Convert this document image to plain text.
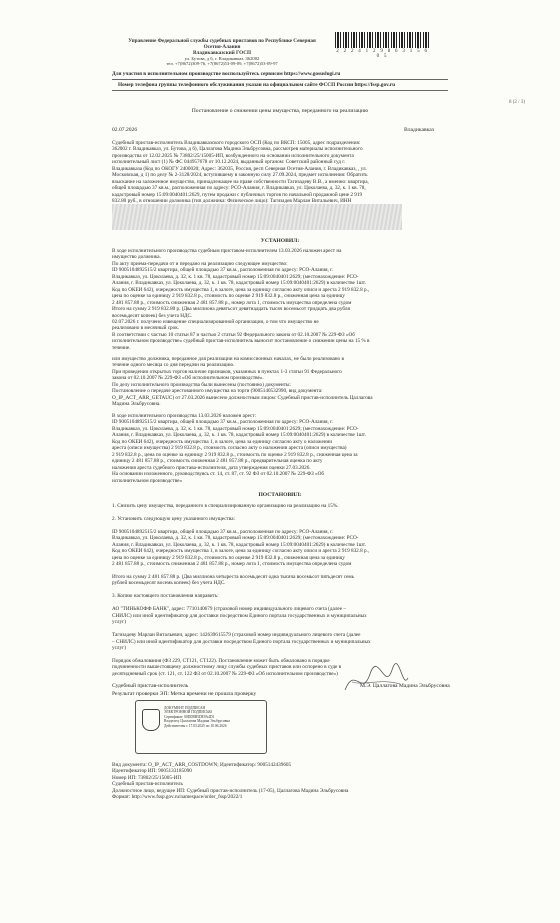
Управление Федеральной службы судебных приставов по Республике Северная
Осетия-Алания
Владикавказский ГОСП
ул. Бутова, д 6, г. Владикавказ, 362002
тел. +7(8672)309-76, +7(8672)53-09-09, +7(8672)53-09-97
2 2 2 4 1 2 9 8 6 3 1 5 6 0 5
Для участия в исполнительном производстве воспользуйтесь сервисом https://www.gosuslugi.ru
Номер телефона группы телефонного обслуживания указан на официальном сайте ФССП России https://fssp.gov.ru
8 (2 / 3)
Постановление о снижении цены имущества, переданного на реализацию
02.07.2026	Владикавказ
Судебный пристав-исполнитель Владикавказского городского ОСП (Код по ВКСП: 15005, адрес подразделения:
362002 г. Владикавказ, ул. Бутова, д 6), Цаллагова Мадина Эльбрусовна, рассмотрев материалы исполнительного
производства от 12.02.2025 № 73802/25/15005-ИП, возбужденного на основании исполнительного документа
исполнительный лист (1) № ФС 044957678 от 10.12.2024, выданный органом: Советский районный суд г.
Владикавказа (Код по ОКОГУ 2400020; Адрес: 362035, Россия, респ Северная Осетия-Алания, г. Владикавказ, , ул.
Московская, д 1) по делу № 2-3128/2024, вступившему в законную силу 27.09.2024, предмет исполнения: Обратить
взыскание на заложенное имущество, принадлежащее на праве собственности Тагизадеву В.В., а именно: квартира,
общей площадью 37 кв.м., расположенная по адресу: РСО-Алания, г. Владикавказ, ул. Цоколаева, д. 32, к. 1 кв. 78,
кадастровый номер 15:09:0040401:2629, путем продажи с публичных торгов по начальной продажной цене 2 919
832.80 руб., в отношении должника (тип должника: Физическое лицо): Тагизадев Марлан Витальевич, ИНН
УСТАНОВИЛ:
В ходе исполнительного производства судебным приставом-исполнителем 13.03.2026 наложен арест на
имущество должника.
По акту приема-передачи от и передано на реализацию следующее имущество:
ID 9005104892515/2 квартира, общей площадью 37 кв.м., расположенная по адресу: РСО-Алания, г.
Владикавказ, ул. Цоколаева, д. 32, к. 1 кв. 78, кадастровый номер 15:09:0040401:2629; (местонахождение: РСО-
Алания, г. Владикавказ, ул. Цоколаева, д. 32, к. 1 кв. 78, кадастровый номер 15:09:0040401:2629) в количестве 1шт.
Код по ОКЕИ 642), очередность имущества 1, в залоге, цена за единицу согласно акту описи и ареста 2 919 832.8 р.,
цена по оценке за единицу 2 919 832.8 р., стоимость по оценке 2 919 832.8 р., сниженная цена за единицу
2 481 857.88 р., стоимость сниженная 2 481 857.88 р., номер лота 1, стоимость имущества определена судом
Итого на сумму 2 919 832.80 р. (Два миллиона девятьсот девятнадцать тысяч восемьсот тридцать два рубля
восемьдесят копеек) без учета НДС.
02.07.2026 г. получено извещение специализированной организации, о том что имущество не
реализовано в месячный срок.
В соответствии с частью 10 статьи 87 и частью 2 статьи 92 Федерального закона от 02.10.2007 № 229-ФЗ «Об
исполнительном производстве» судебный пристав-исполнитель выносит постановление о снижении цены на 15 % в
течение.
или имущество должника, переданное для реализации на комиссионных началах, не было реализовано в
течение одного месяца со дня передачи на реализацию.
При проведении открытых торгов наличие признаков, указанных в пунктах 1-3 статьи 91 Федерального
закона от 02.10.2007 № 229-ФЗ «Об исполнительном производстве».
По делу исполнительного производства были вынесены (постоянно) документы:
Постановление о передаче арестованного имущества на торги (9005140532990, вид документа:
O_IP_ACT_ARR_GETAUC) от 27.03.2026 вынесено должностным лицом: Судебный пристав-исполнитель Цаллагова
Мадина Эльбрусовна.
В ходе исполнительного производства 13.03.2026 наложен арест:
ID 9005104892515/2 квартира, общей площадью 37 кв.м., расположенная по адресу: РСО-Алания, г.
Владикавказ, ул. Цоколаева, д. 32, к. 1 кв. 78, кадастровый номер 15:09:0040401:2629; (местонахождение: РСО-
Алания, г. Владикавказ, ул. Цоколаева, д. 32, к. 1 кв. 78, кадастровый номер 15:09:0040401:2629) в количестве 1шт.
Код по ОКЕИ 642), очередность имущества 1, в залоге, цена за единицу согласно акту о наложении
ареста (описи имущества) 2 919 832.8 р., стоимость согласно акту о наложении ареста (описи имущества)
2 919 832.8 р., цена по оценке за единицу 2 919 832.8 р., стоимость по оценке 2 919 832.8 р., сниженная цена за
единицу 2 481 857.88 р., стоимость сниженная 2 481 857.88 р., предварительная оценка по акту
наложения ареста судебного пристава-исполнителя, дата утверждения оценки 27.03.2026.
На основании изложенного, руководствуясь ст. 14, ст. 87, ст. 92 ФЗ от 02.10.2007 № 229-ФЗ «Об
исполнительном производстве»
ПОСТАНОВИЛ:
1. Снизить цену имущества, переданного в специализированную организацию на реализацию на 15%.

2. Установить следующую цену указанного имущества:

ID 9005104892515/2 квартира, общей площадью 37 кв.м., расположенная по адресу: РСО-Алания, г.
Владикавказ, ул. Цоколаева, д. 32, к. 1 кв. 78, кадастровый номер 15:09:0040401:2629; (местонахождение: РСО-
Алания, г. Владикавказ, ул. Цоколаева, д. 32, к. 1 кв. 78, кадастровый номер 15:09:0040401:2629) в количестве 1шт.
Код по ОКЕИ 642), очередность имущества 1, в залоге, цена за единицу согласно акту описи и ареста 2 919 832.8 р.,
цена по оценке за единицу 2 919 832.8 р., стоимость по оценке 2 919 832.8 р., сниженная цена за единицу
2 481 857.88 р., стоимость сниженная 2 481 857.88 р., номер лота 1, стоимость имущества определена судом

Итого на сумму 2 481 857.88 р. (Два миллиона четыреста восемьдесят одна тысяча восемьсот пятьдесят семь
рублей восемьдесят восемь копеек) без учета НДС.

3. Копию настоящего постановления направить:

АО "ТИНЬКОФФ БАНК", адрес: 7710140679 (страховой номер индивидуального лицевого счета (далее –
СНИЛС) или иной идентификатор для доставки посредством Единого портала государственных и муниципальных
услуг)

Тагизадеву Марлан Витальевич, адрес: 142639615579 (страховой номер индивидуального лицевого счета (далее
– СНИЛС) или иной идентификатор для доставки посредством Единого портала государственных и муниципальных
услуг)

Порядок обжалования (ФЗ 229, СТ121, СТ122). Постановление может быть обжаловано в порядке
подчиненности вышестоящему должностному лицу службы судебных приставов или оспорено в суде в
десятидневный срок (ст. 121, ст. 122 ФЗ от 02.10.2007 № 229-ФЗ «Об исполнительном производстве»)
Судебный пристав-исполнитель	М.Э. Цаллагова Мадина Эльбрусовна
Результат проверки ЭП: Метка времени не прошла проверку
ДОКУМЕНТ ПОДПИСАН
ЭЛЕКТРОННОЙ ПОДПИСЬЮ
Сертификат: 00DD8B5DE9A4D1
Владелец: Цаллагова Мадина Эльбрусовна
Действителен с 17.03.2025 по 10.06.2026
Вид документа: O_IP_ACT_ARR_COSTDOWN; Идентификатор: 9005142439605
Идентификатор ИП: 9005133185090
Номер ИП: 73802/25/15005-ИП
Судебный пристав-исполнитель
Должностное лицо, ведущее ИП: Судебный пристав-исполнитель (17-05), Цаллагова Мадина Эльбрусовна
Формат: http://www.fssp.gov.ru/namespace/order_fssp/2022/1
